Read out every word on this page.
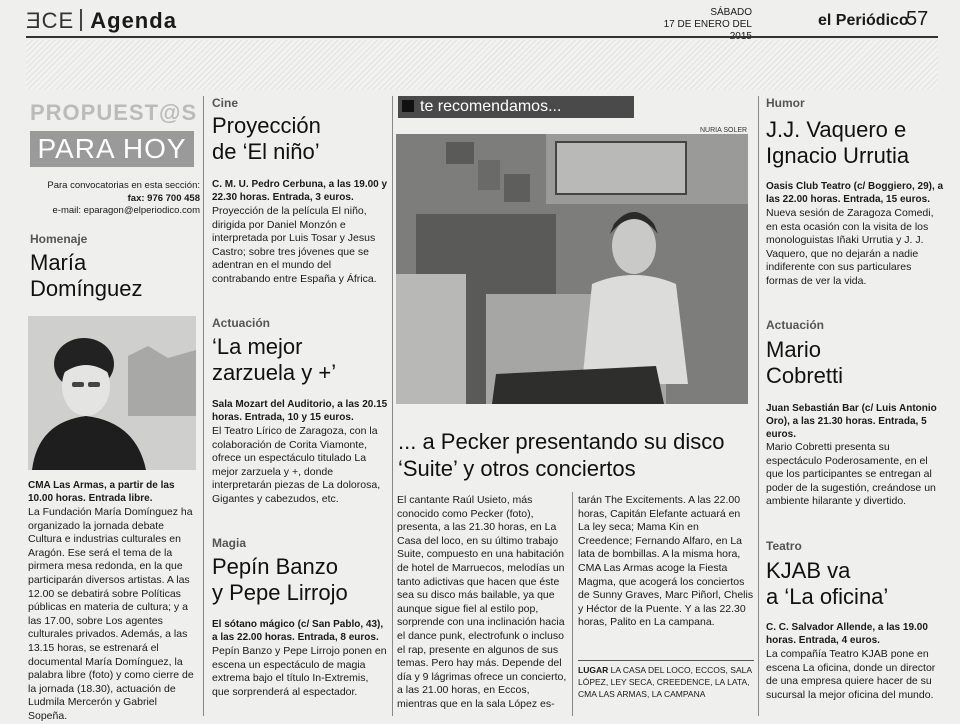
ƎCE Agenda	SÁBADO
17 DE ENERO DEL	el Periódico
57
PROPUEST@S
PARA HOY
Para convocatorias en esta sección:
fax: 976 700 458
e-mail: eparagon@elperiodico.com
Homenaje
María
Domínguez
CMA Las Armas, a partir de las 10.00 horas. Entrada libre.
La Fundación María Domínguez ha organizado la jornada debate Cultura e industrias culturales en Aragón. Ese será el tema de la pirmera mesa redonda, en la que participarán diversos artistas. A las 12.00 se debatirá sobre Políticas públicas en materia de cultura; y a las 17.00, sobre Los agentes culturales privados. Además, a las 13.15 horas, se estrenará el documental María Domínguez, la palabra libre (foto) y como cierre de la jornada (18.30), actuación de Ludmila Mercerón y Gabriel Sopeña.
Cine
Proyección
de ‘El niño’
C. M. U. Pedro Cerbuna, a las 19.00 y 22.30 horas. Entrada, 3 euros.
Proyección de la película El niño, dirigida por Daniel Monzón e interpretada por Luis Tosar y Jesus Castro; sobre tres jóvenes que se adentran en el mundo del contrabando entre España y África.
Actuación
‘La mejor
zarzuela y +’
Sala Mozart del Auditorio, a las 20.15 horas. Entrada, 10 y 15 euros.
El Teatro Lírico de Zaragoza, con la colaboración de Corita Viamonte, ofrece un espectáculo titulado La mejor zarzuela y +, donde interpretarán piezas de La dolorosa, Gigantes y cabezudos, etc.
Magia
Pepín Banzo
y Pepe Lirrojo
El sótano mágico (c/ San Pablo, 43), a las 22.00 horas. Entrada, 8 euros.
Pepín Banzo y Pepe Lirrojo ponen en escena un espectáculo de magia extrema bajo el título In-Extremis, que sorprenderá al espectador.
te recomendamos...
NURIA SOLER
... a Pecker presentando su disco
‘Suite’ y otros conciertos
El cantante Raúl Usieto, más conocido como Pecker (foto), presenta, a las 21.30 horas, en La Casa del loco, en su último trabajo Suite, compuesto en una habitación de hotel de Marruecos, melodías un tanto adictivas que hacen que éste sea su disco más bailable, ya que aunque sigue fiel al estilo pop, sorprende con una inclinación hacia el dance punk, electrofunk o incluso el rap, presente en algunos de sus temas. Pero hay más. Depende del día y 9 lágrimas ofrece un concierto, a las 21.00 horas, en Eccos, mientras que en la sala López es-
tarán The Excitements. A las 22.00 horas, Capitán Elefante actuará en La ley seca; Mama Kin en Creedence; Fernando Alfaro, en La lata de bombillas. A la misma hora, CMA Las Armas acoge la Fiesta Magma, que acogerá los conciertos de Sunny Graves, Marc Piñorl, Chelis y Héctor de la Puente. Y a las 22.30 horas, Palito en La campana.
LUGAR LA CASA DEL LOCO, ECCOS, SALA LÓPEZ, LEY SECA, CREEDENCE, LA LATA, CMA LAS ARMAS, LA CAMPANA
Humor
J.J. Vaquero e
Ignacio Urrutia
Oasis Club Teatro (c/ Boggiero, 29), a las 22.00 horas. Entrada, 15 euros.
Nueva sesión de Zaragoza Comedi, en esta ocasión con la visita de los monologuistas Iñaki Urrutia y J. J. Vaquero, que no dejarán a nadie indiferente con sus particulares formas de ver la vida.
Actuación
Mario
Cobretti
Juan Sebastián Bar (c/ Luis Antonio Oro), a las 21.30 horas. Entrada, 5 euros.
Mario Cobretti presenta su espectáculo Poderosamente, en el que los participantes se entregan al poder de la sugestión, creándose un ambiente hilarante y divertido.
Teatro
KJAB va
a ‘La oficina’
C. C. Salvador Allende, a las 19.00 horas. Entrada, 4 euros.
La compañía Teatro KJAB pone en escena La oficina, donde un director de una empresa quiere hacer de su sucursal la mejor oficina del mundo.
